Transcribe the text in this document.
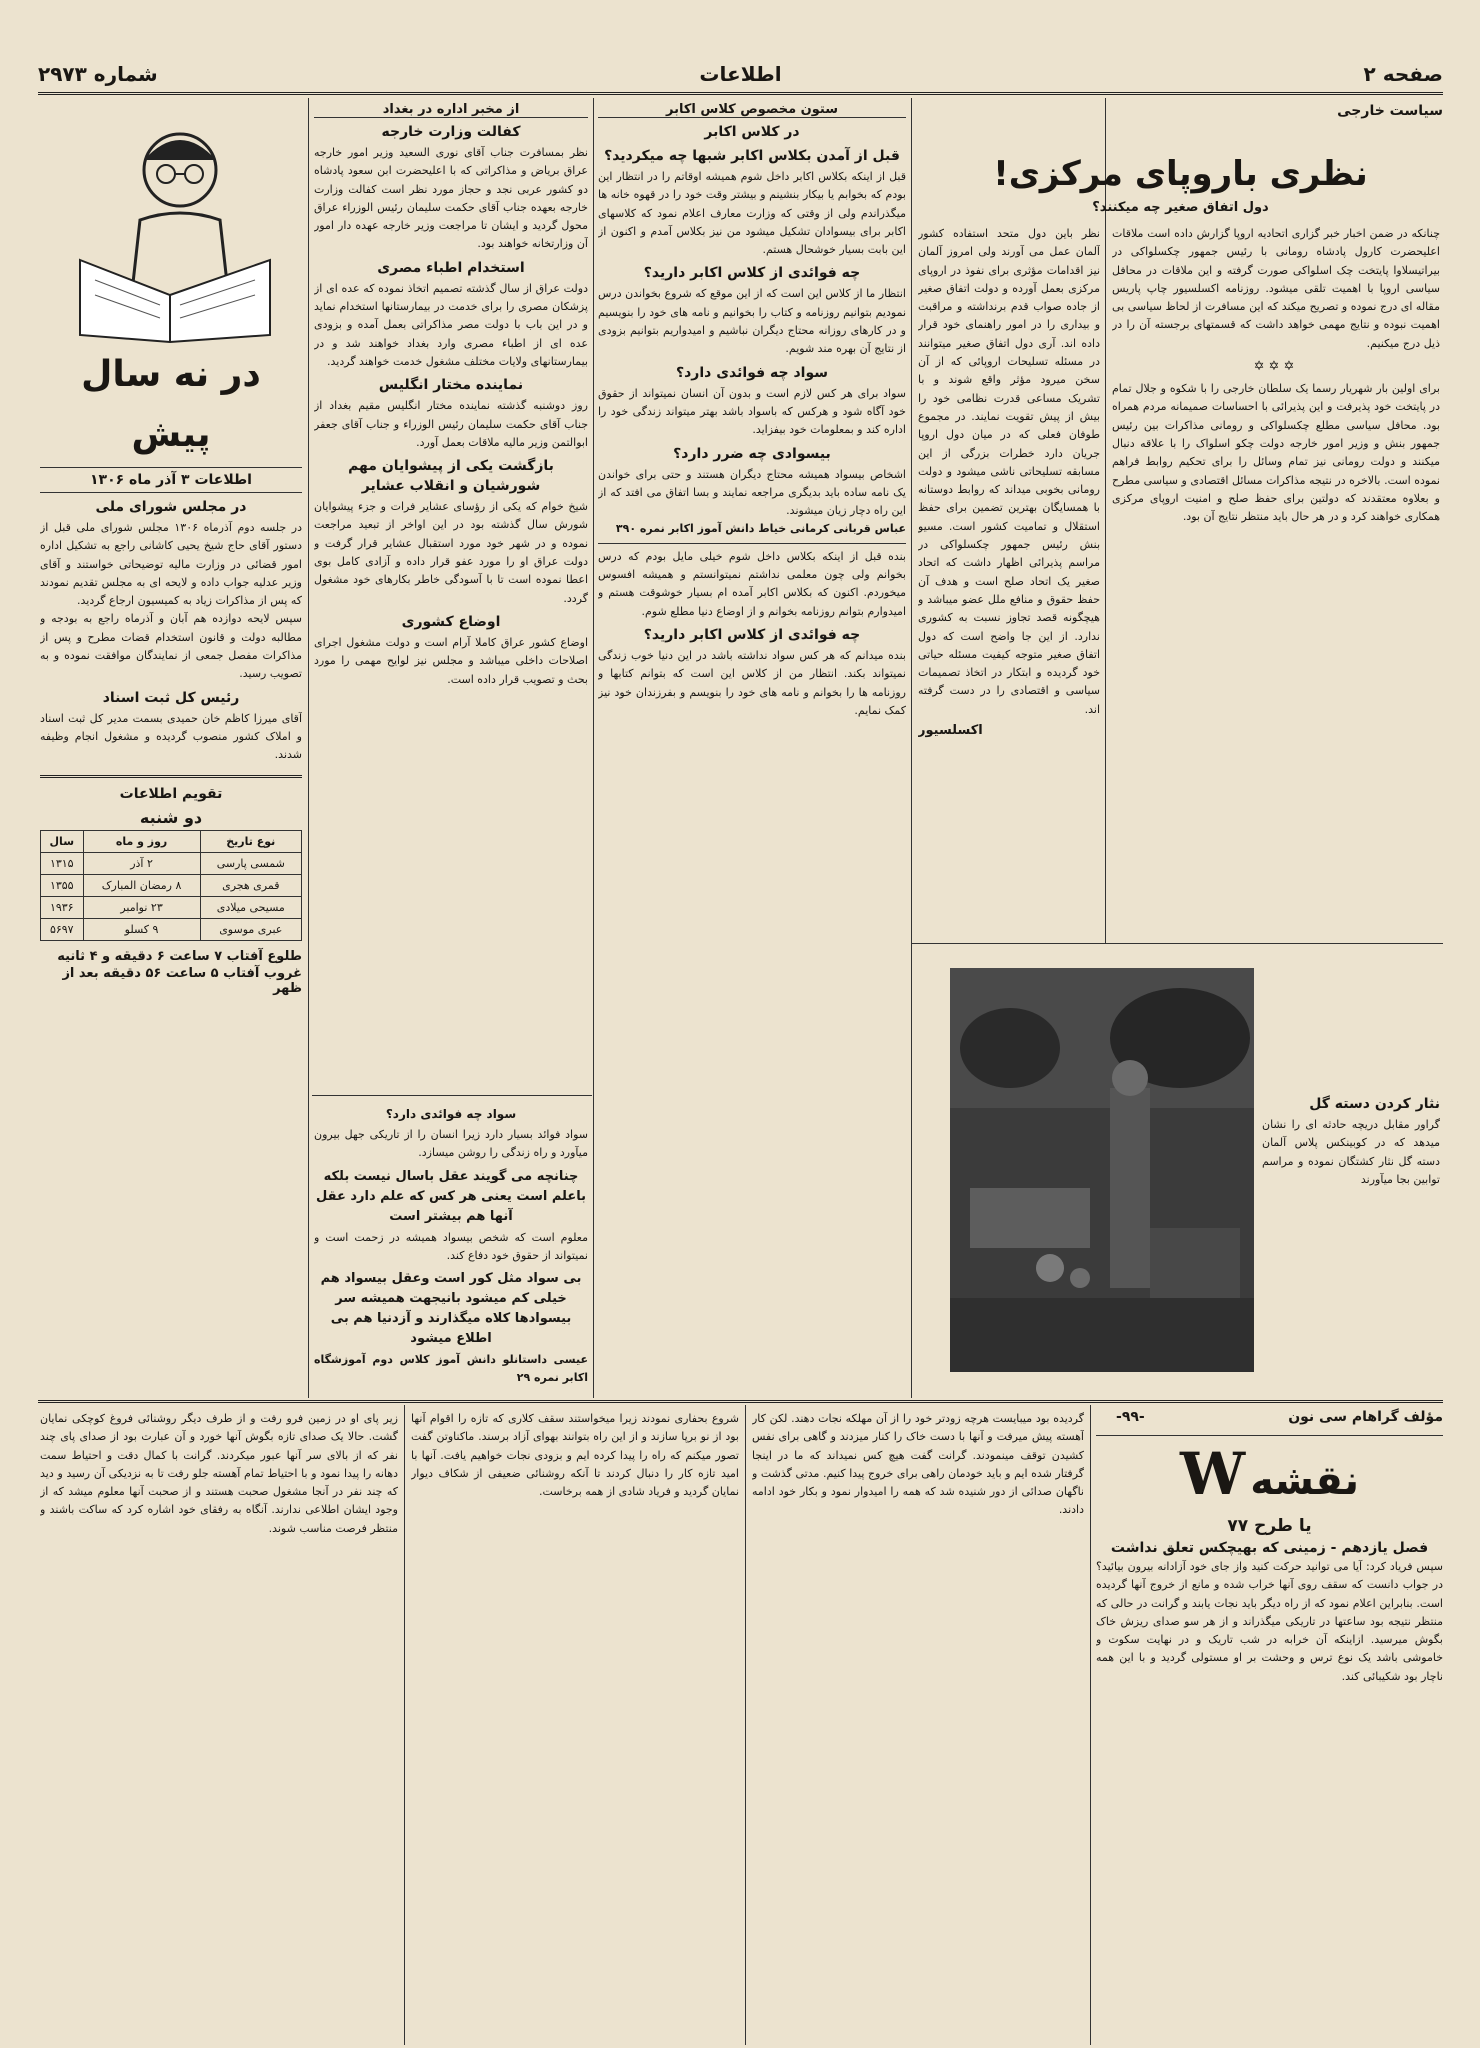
صفحه ۲
اطلاعات
شماره ۲۹۷۳
سیاست خارجی
نظری باروپای مرکزی!
دول اتفاق صغیر چه میکنند؟

چنانکه در ضمن اخبار خبر گزاری اتحادیه اروپا گزارش داده است ملاقات اعلیحضرت کارول پادشاه رومانی با رئیس جمهور چکسلواکی در بیراتیسلاوا پایتخت چک اسلواکی صورت گرفته و این ملاقات در محافل سیاسی اروپا با اهمیت تلقی میشود. روزنامه اکسلسیور چاپ پاریس مقاله ای درج نموده و تصریح میکند که این مسافرت از لحاظ سیاسی بی اهمیت نبوده و نتایج مهمی خواهد داشت که قسمتهای برجسته آن را در ذیل درج میکنیم.

✡✡✡

برای اولین بار شهریار رسما یک سلطان خارجی را با شکوه و جلال تمام در پایتخت خود پذیرفت و این پذیرائی با احساسات صمیمانه مردم همراه بود. محافل سیاسی مطلع چکسلواکی و رومانی مذاکرات بین رئیس جمهور بنش و وزیر امور خارجه دولت چکو اسلواک را با علاقه دنبال میکنند و دولت رومانی نیز تمام وسائل را برای تحکیم روابط فراهم نموده است. بالاخره در نتیجه مذاکرات مسائل اقتصادی و سیاسی مطرح و بعلاوه معتقدند که دولتین برای حفظ صلح و امنیت اروپای مرکزی همکاری خواهند کرد و در هر حال باید منتظر نتایج آن بود.

نظر باین دول متحد استفاده کشور آلمان عمل می آورند ولی امروز آلمان نیز اقدامات مؤثری برای نفوذ در اروپای مرکزی بعمل آورده و دولت اتفاق صغیر از جاده صواب قدم برنداشته و مراقبت و بیداری را در امور راهنمای خود قرار داده اند. آری دول اتفاق صغیر میتوانند در مسئله تسلیحات اروپائی که از آن سخن میرود مؤثر واقع شوند و با تشریک مساعی قدرت نظامی خود را بیش از پیش تقویت نمایند. در مجموع طوفان فعلی که در میان دول اروپا جریان دارد خطرات بزرگی از این مسابقه تسلیحاتی ناشی میشود و دولت رومانی بخوبی میداند که روابط دوستانه با همسایگان بهترین تضمین برای حفظ استقلال و تمامیت کشور است. مسیو بنش رئیس جمهور چکسلواکی در مراسم پذیرائی اظهار داشت که اتحاد صغیر یک اتحاد صلح است و هدف آن حفظ حقوق و منافع ملل عضو میباشد و هیچگونه قصد تجاوز نسبت به کشوری ندارد. از این جا واضح است که دول اتفاق صغیر متوجه کیفیت مسئله حیاتی خود گردیده و ابتکار در اتخاذ تصمیمات سیاسی و اقتصادی را در دست گرفته اند.

اکسلسیور
نثار کردن دسته گل

گراور مقابل دریچه حادثه ای را نشان میدهد که در کوبینکس پلاس آلمان دسته گل نثار کشتگان نموده و مراسم توابین بجا میآورند

ستون مخصوص کلاس اکابر
در کلاس اکابر
قبل از آمدن بکلاس اکابر شبها چه میکردید؟

قبل از اینکه بکلاس اکابر داخل شوم همیشه اوقاتم را در انتظار این بودم که بخوابم یا بیکار بنشینم و بیشتر وقت خود را در قهوه خانه ها میگذراندم ولی از وقتی که وزارت معارف اعلام نمود که کلاسهای اکابر برای بیسوادان تشکیل میشود من نیز بکلاس آمدم و اکنون از این بابت بسیار خوشحال هستم.

چه فوائدی از کلاس اکابر دارید؟

انتظار ما از کلاس این است که از این موقع که شروع بخواندن درس نمودیم بتوانیم روزنامه و کتاب را بخوانیم و نامه های خود را بنویسیم و در کارهای روزانه محتاج دیگران نباشیم و امیدواریم بتوانیم بزودی از نتایج آن بهره مند شویم.

سواد چه فوائدی دارد؟

سواد برای هر کس لازم است و بدون آن انسان نمیتواند از حقوق خود آگاه شود و هرکس که باسواد باشد بهتر میتواند زندگی خود را اداره کند و بمعلومات خود بیفزاید.

بیسوادی چه ضرر دارد؟

اشخاص بیسواد همیشه محتاج دیگران هستند و حتی برای خواندن یک نامه ساده باید بدیگری مراجعه نمایند و بسا اتفاق می افتد که از این راه دچار زیان میشوند.

عباس قربانی کرمانی خیاط دانش آموز اکابر نمره ۳۹۰

بنده قبل از اینکه بکلاس داخل شوم خیلی مایل بودم که درس بخوانم ولی چون معلمی نداشتم نمیتوانستم و همیشه افسوس میخوردم. اکنون که بکلاس اکابر آمده ام بسیار خوشوقت هستم و امیدوارم بتوانم روزنامه بخوانم و از اوضاع دنیا مطلع شوم.

چه فوائدی از کلاس اکابر دارید؟

بنده میدانم که هر کس سواد نداشته باشد در این دنیا خوب زندگی نمیتواند بکند. انتظار من از کلاس این است که بتوانم کتابها و روزنامه ها را بخوانم و نامه های خود را بنویسم و بفرزندان خود نیز کمک نمایم.

از مخبر اداره در بغداد
کفالت وزارت خارجه

نظر بمسافرت جناب آقای نوری السعید وزیر امور خارجه عراق بریاض و مذاکراتی که با اعلیحضرت ابن سعود پادشاه دو کشور عربی نجد و حجاز مورد نظر است کفالت وزارت خارجه بعهده جناب آقای حکمت سلیمان رئیس الوزراء عراق محول گردید و ایشان تا مراجعت وزیر خارجه عهده دار امور آن وزارتخانه خواهند بود.

استخدام اطباء مصری

دولت عراق از سال گذشته تصمیم اتخاذ نموده که عده ای از پزشکان مصری را برای خدمت در بیمارستانها استخدام نماید و در این باب با دولت مصر مذاکراتی بعمل آمده و بزودی عده ای از اطباء مصری وارد بغداد خواهند شد و در بیمارستانهای ولایات مختلف مشغول خدمت خواهند گردید.

نماینده مختار انگلیس

روز دوشنبه گذشته نماینده مختار انگلیس مقیم بغداد از جناب آقای حکمت سلیمان رئیس الوزراء و جناب آقای جعفر ابوالتمن وزیر مالیه ملاقات بعمل آورد.

بازگشت یکی از پیشوایان مهم شورشیان و انقلاب عشایر

شیخ خوام که یکی از رؤسای عشایر فرات و جزء پیشوایان شورش سال گذشته بود در این اواخر از تبعید مراجعت نموده و در شهر خود مورد استقبال عشایر قرار گرفت و دولت عراق او را مورد عفو قرار داده و آزادی کامل بوی اعطا نموده است تا با آسودگی خاطر بکارهای خود مشغول گردد.

اوضاع کشوری

اوضاع کشور عراق کاملا آرام است و دولت مشغول اجرای اصلاحات داخلی میباشد و مجلس نیز لوایح مهمی را مورد بحث و تصویب قرار داده است.

سواد چه فوائدی دارد؟

سواد فوائد بسیار دارد زیرا انسان را از تاریکی جهل بیرون میآورد و راه زندگی را روشن میسازد.

چنانچه می گویند عقل باسال نیست بلکه باعلم است یعنی هر کس که علم دارد عقل آنها هم بیشتر است

معلوم است که شخص بیسواد همیشه در زحمت است و نمیتواند از حقوق خود دفاع کند.

بی سواد مثل کور است وعقل بیسواد هم خیلی کم میشود بانیجهت همیشه سر بیسوادها کلاه میگذارند و آزدنیا هم بی اطلاع میشود

عیسی داستانلو دانش آموز کلاس دوم آموزشگاه اکابر نمره ۲۹

در نه سال پیش
اطلاعات ۳ آذر ماه ۱۳۰۶
در مجلس شورای ملی

در جلسه دوم آذرماه ۱۳۰۶ مجلس شورای ملی قبل از دستور آقای حاج شیخ یحیی کاشانی راجع به تشکیل اداره امور قضائی در وزارت مالیه توضیحاتی خواستند و آقای وزیر عدلیه جواب داده و لایحه ای به مجلس تقدیم نمودند که پس از مذاکرات زیاد به کمیسیون ارجاع گردید.

سپس لایحه دوازده هم آبان و آذرماه راجع به بودجه و مطالبه دولت و قانون استخدام قضات مطرح و پس از مذاکرات مفصل جمعی از نمایندگان موافقت نموده و به تصویب رسید.

رئیس کل ثبت اسناد

آقای میرزا کاظم خان حمیدی بسمت مدیر کل ثبت اسناد و املاک کشور منصوب گردیده و مشغول انجام وظیفه شدند.

تقویم اطلاعات
دو شنبه
نوع تاریخ	روز و ماه	سال
شمسی پارسی	۲ آذر	۱۳۱۵
قمری هجری	۸ رمضان المبارک	۱۳۵۵
مسیحی میلادی	۲۳ نوامبر	۱۹۳۶
عبری موسوی	۹ کسلو	۵۶۹۷
طلوع آفتاب ۷ ساعت ۶ دقیقه و ۴ ثانیه
غروب آفتاب ۵ ساعت ۵۶ دقیقه بعد از ظهر
مؤلف گراهام سی نون
-۹۹-
نقشه W
یا طرح ۷۷
فصل یازدهم - زمینی که بهیچکس تعلق نداشت

سپس فریاد کرد: آیا می توانید حرکت کنید واز جای خود آزادانه بیرون بیائید؟ در جواب دانست که سقف روی آنها خراب شده و مانع از خروج آنها گردیده است. بنابراین اعلام نمود که از راه دیگر باید نجات یابند و گرانت در حالی که منتظر نتیجه بود ساعتها در تاریکی میگذراند و از هر سو صدای ریزش خاک بگوش میرسید. ازاینکه آن خرابه در شب تاریک و در نهایت سکوت و خاموشی باشد یک نوع ترس و وحشت بر او مستولی گردید و با این همه ناچار بود شکیبائی کند.

گردیده بود میبایست هرچه زودتر خود را از آن مهلکه نجات دهند. لکن کار آهسته پیش میرفت و آنها با دست خاک را کنار میزدند و گاهی برای نفس کشیدن توقف مینمودند. گرانت گفت هیچ کس نمیداند که ما در اینجا گرفتار شده ایم و باید خودمان راهی برای خروج پیدا کنیم. مدتی گذشت و ناگهان صدائی از دور شنیده شد که همه را امیدوار نمود و بکار خود ادامه دادند.

شروع بحفاری نمودند زیرا میخواستند سقف کلاری که تازه را اقوام آنها بود از نو برپا سازند و از این راه بتوانند بهوای آزاد برسند. ماکناوتن گفت تصور میکنم که راه را پیدا کرده ایم و بزودی نجات خواهیم یافت. آنها با امید تازه کار را دنبال کردند تا آنکه روشنائی ضعیفی از شکاف دیوار نمایان گردید و فریاد شادی از همه برخاست.

زیر پای او در زمین فرو رفت و از طرف دیگر روشنائی فروغ کوچکی نمایان گشت. حالا یک صدای تازه بگوش آنها خورد و آن عبارت بود از صدای پای چند نفر که از بالای سر آنها عبور میکردند. گرانت با کمال دقت و احتیاط سمت دهانه را پیدا نمود و با احتیاط تمام آهسته جلو رفت تا به نزدیکی آن رسید و دید که چند نفر در آنجا مشغول صحبت هستند و از صحبت آنها معلوم میشد که از وجود ایشان اطلاعی ندارند. آنگاه به رفقای خود اشاره کرد که ساکت باشند و منتظر فرصت مناسب شوند.
